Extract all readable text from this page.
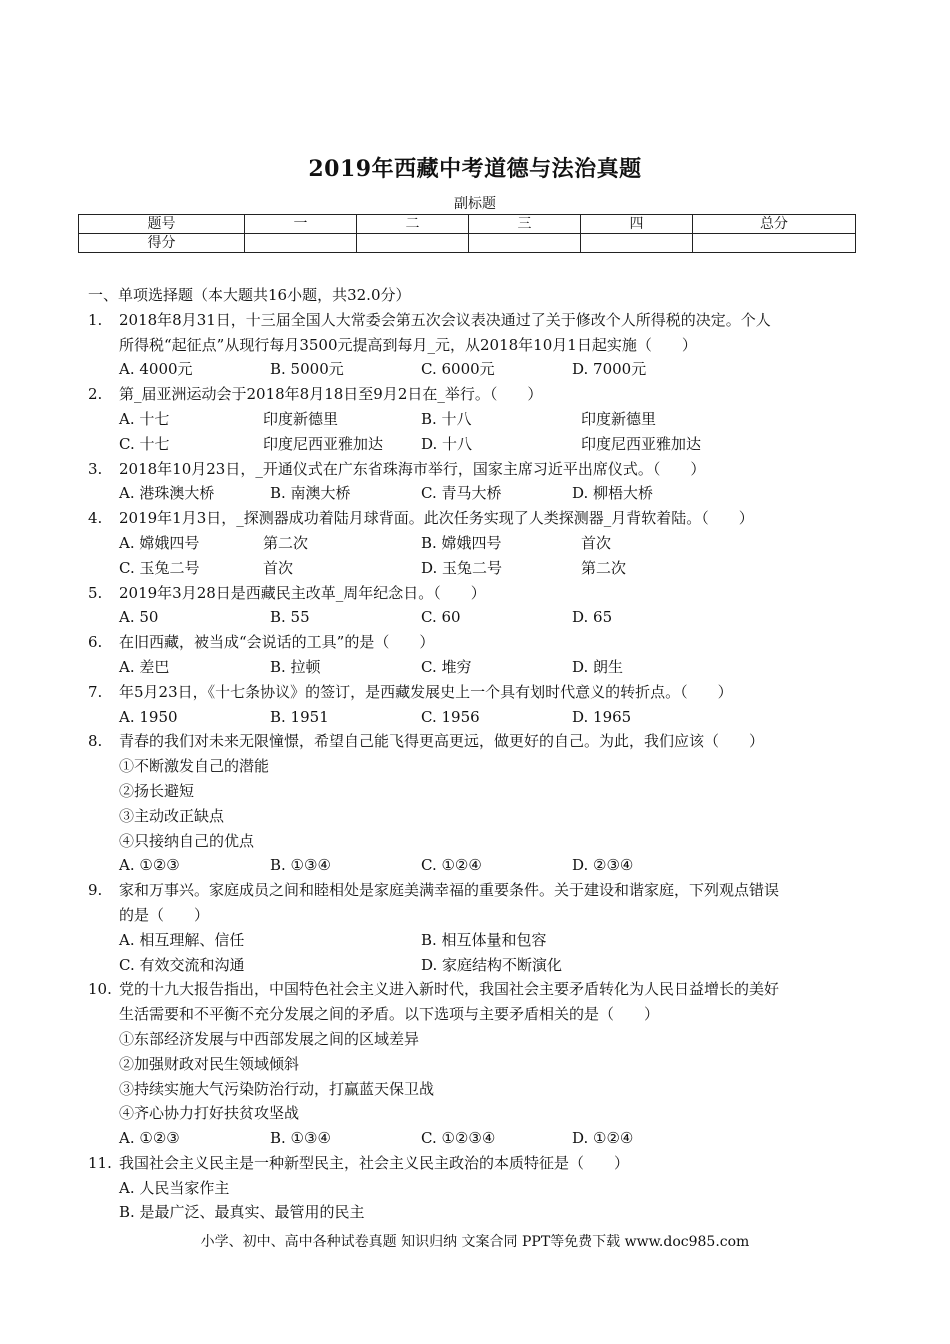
2019年西藏中考道德与法治真题
副标题
题号	一	二	三	四	总分
得分					
一、单项选择题（本大题共16小题，共32.0分）
1.	2018年8月31日，十三届全国人大常委会第五次会议表决通过了关于修改个人所得税的决定。个人
所得税“起征点”从现行每月3500元提高到每月_元，从2018年10月1日起实施（　　）
A. 4000元	B. 5000元	C. 6000元	D. 7000元
2.	第_届亚洲运动会于2018年8月18日至9月2日在_举行。（　　）
A. 十七	印度新德里	B. 十八	印度新德里
C. 十七	印度尼西亚雅加达	D. 十八	印度尼西亚雅加达
3.	2018年10月23日，_开通仪式在广东省珠海市举行，国家主席习近平出席仪式。（　　）
A. 港珠澳大桥	B. 南澳大桥	C. 青马大桥	D. 柳梧大桥
4.	2019年1月3日，_探测器成功着陆月球背面。此次任务实现了人类探测器_月背软着陆。（　　）
A. 嫦娥四号	第二次	B. 嫦娥四号	首次
C. 玉兔二号	首次	D. 玉兔二号	第二次
5.	2019年3月28日是西藏民主改革_周年纪念日。（　　）
A. 50	B. 55	C. 60	D. 65
6.	在旧西藏，被当成“会说话的工具”的是（　　）
A. 差巴	B. 拉顿	C. 堆穷	D. 朗生
7.	年5月23日，《十七条协议》的签订，是西藏发展史上一个具有划时代意义的转折点。（　　）
A. 1950	B. 1951	C. 1956	D. 1965
8.	青春的我们对未来无限憧憬，希望自己能飞得更高更远，做更好的自己。为此，我们应该（　　）
①不断激发自己的潜能
②扬长避短
③主动改正缺点
④只接纳自己的优点
A. ①②③	B. ①③④	C. ①②④	D. ②③④
9.	家和万事兴。家庭成员之间和睦相处是家庭美满幸福的重要条件。关于建设和谐家庭，下列观点错误
的是（　　）
A. 相互理解、信任	B. 相互体量和包容
C. 有效交流和沟通	D. 家庭结构不断演化
10. 党的十九大报告指出，中国特色社会主义进入新时代，我国社会主要矛盾转化为人民日益增长的美好
生活需要和不平衡不充分发展之间的矛盾。以下选项与主要矛盾相关的是（　　）
①东部经济发展与中西部发展之间的区域差异
②加强财政对民生领域倾斜
③持续实施大气污染防治行动，打赢蓝天保卫战
④齐心协力打好扶贫攻坚战
A. ①②③	B. ①③④	C. ①②③④	D. ①②④
11. 我国社会主义民主是一种新型民主，社会主义民主政治的本质特征是（　　）
A. 人民当家作主
B. 是最广泛、最真实、最管用的民主
小学、初中、高中各种试卷真题 知识归纳 文案合同 PPT等免费下载 www.doc985.com
